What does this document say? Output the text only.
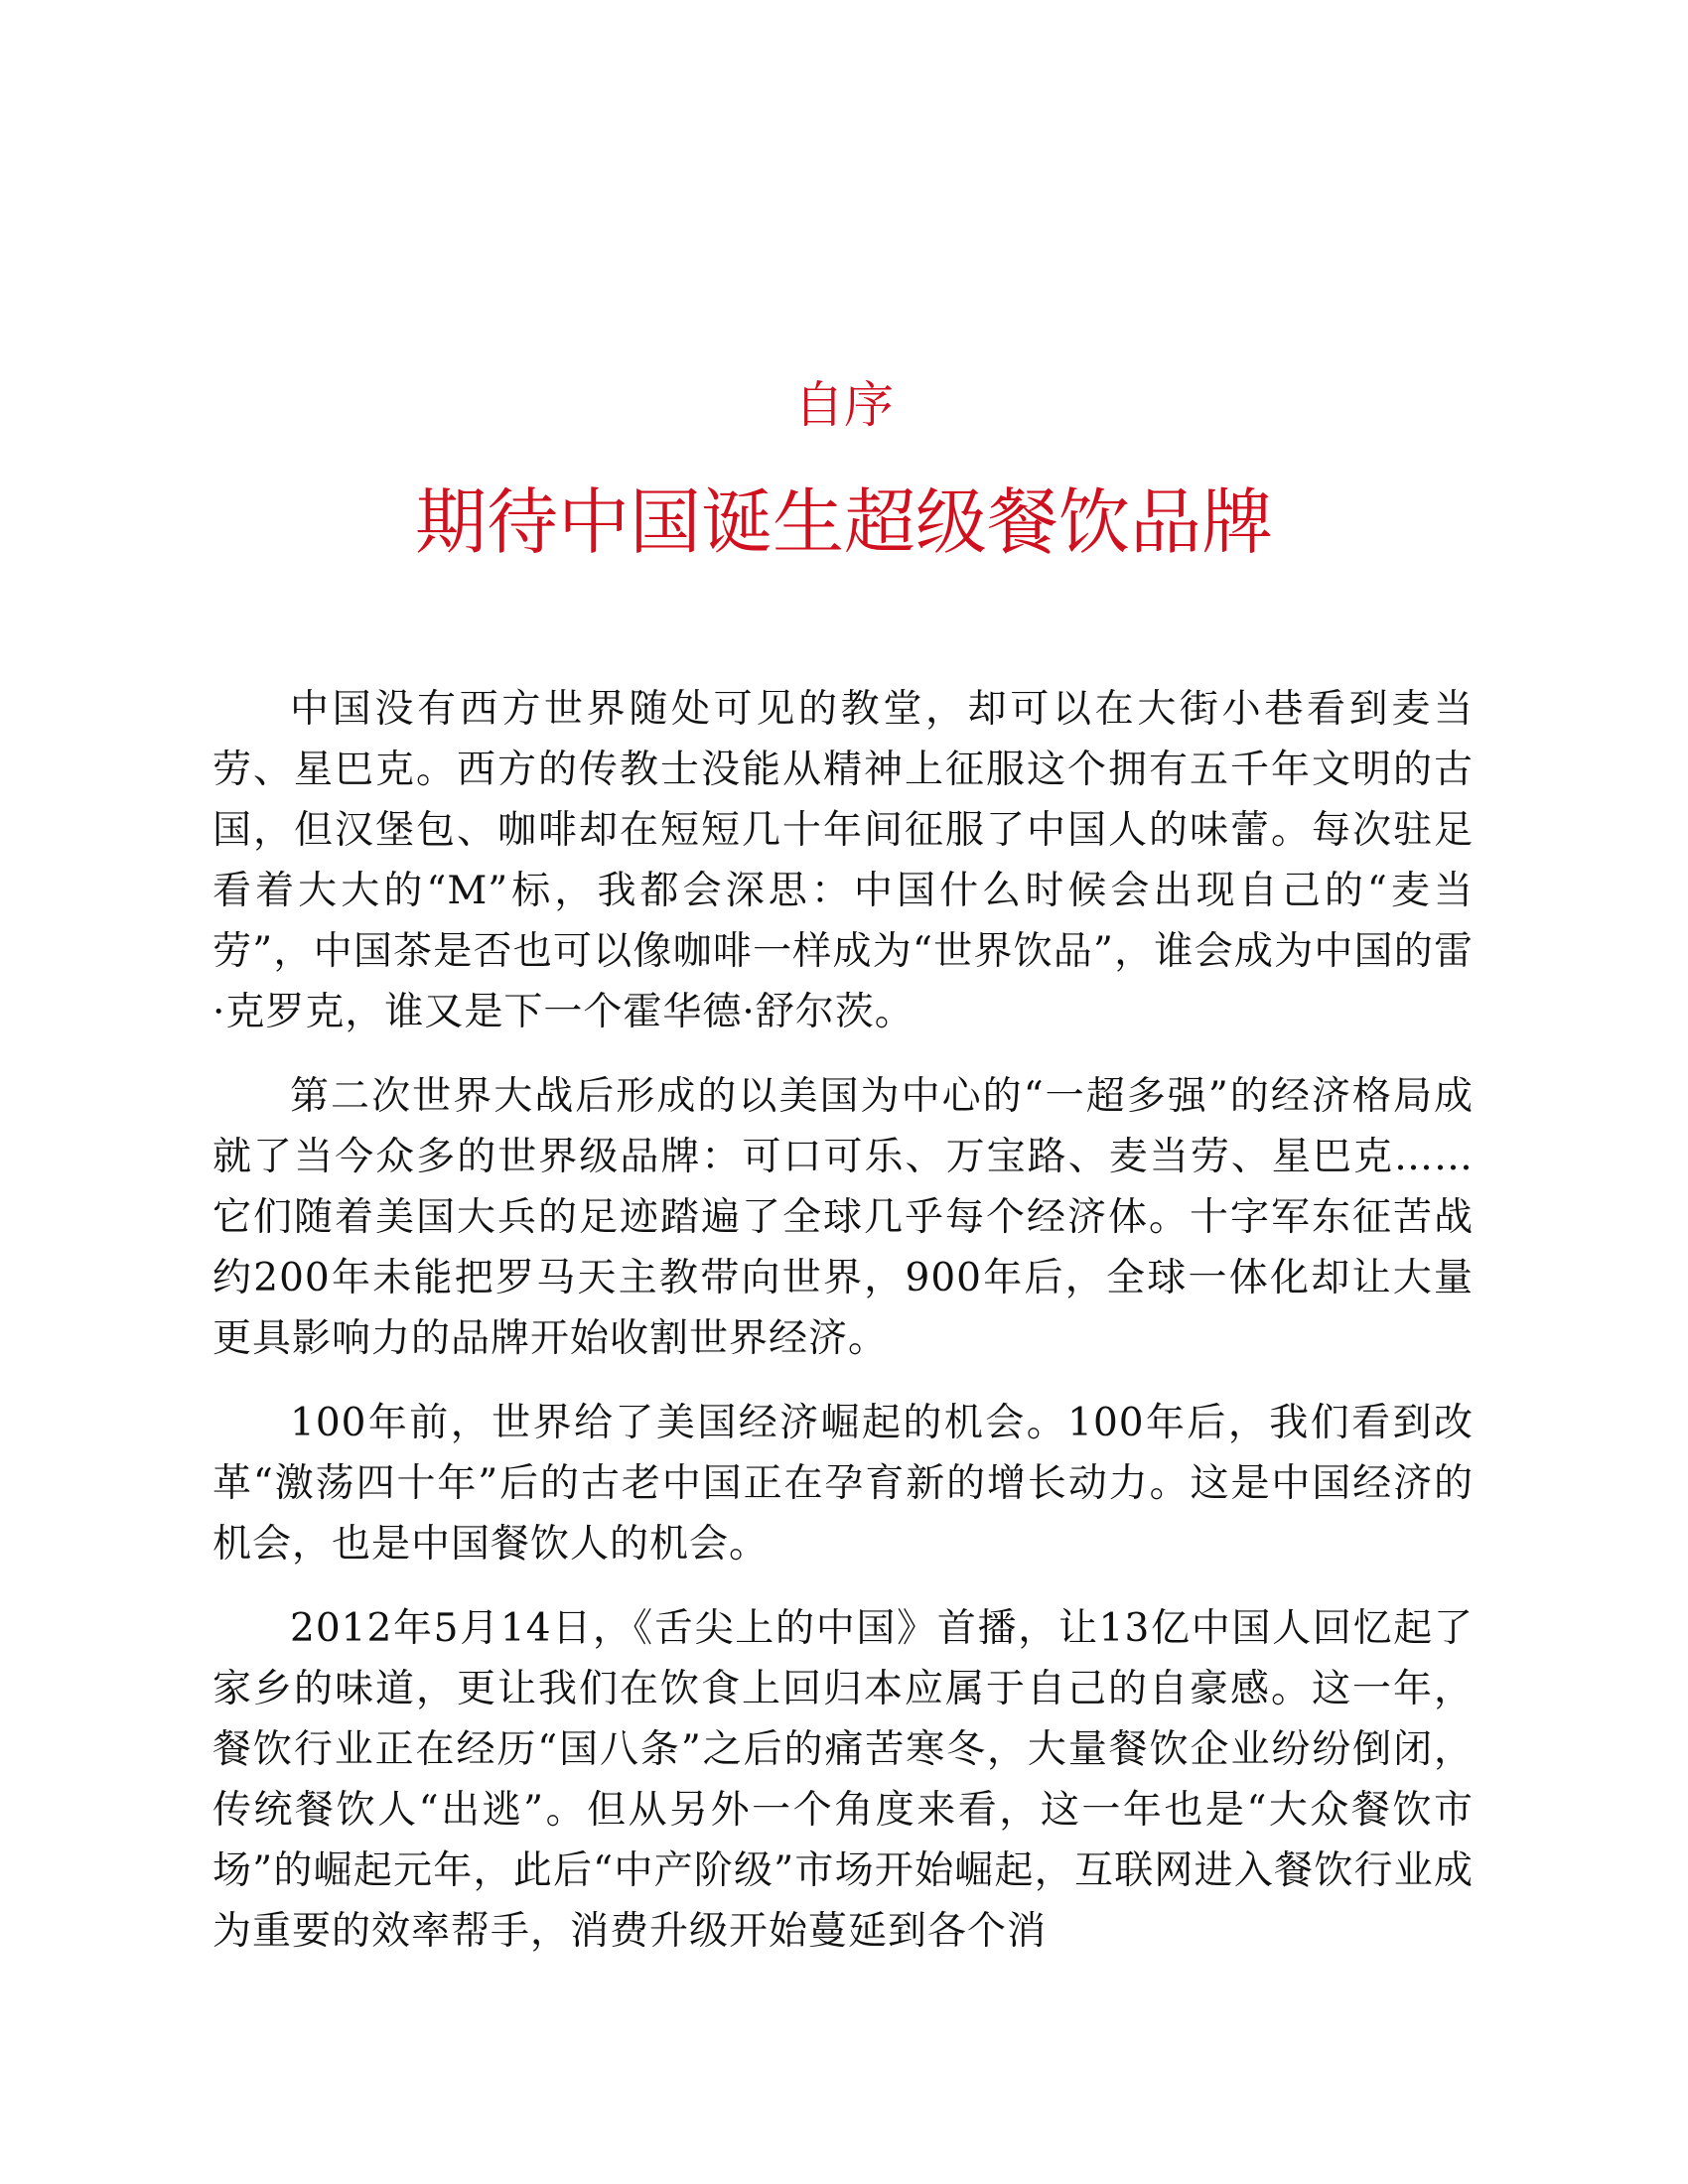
自序
期待中国诞生超级餐饮品牌

中国没有西方世界随处可见的教堂，却可以在大街小巷看到麦当劳、星巴克。西方的传教士没能从精神上征服这个拥有五千年文明的古国，但汉堡包、咖啡却在短短几十年间征服了中国人的味蕾。每次驻足看着大大的“M”标，我都会深思：中国什么时候会出现自己的“麦当劳”，中国茶是否也可以像咖啡一样成为“世界饮品”，谁会成为中国的雷·克罗克，谁又是下一个霍华德·舒尔茨。

第二次世界大战后形成的以美国为中心的“一超多强”的经济格局成就了当今众多的世界级品牌：可口可乐、万宝路、麦当劳、星巴克……它们随着美国大兵的足迹踏遍了全球几乎每个经济体。十字军东征苦战约200年未能把罗马天主教带向世界，900年后，全球一体化却让大量更具影响力的品牌开始收割世界经济。

100年前，世界给了美国经济崛起的机会。100年后，我们看到改革“激荡四十年”后的古老中国正在孕育新的增长动力。这是中国经济的机会，也是中国餐饮人的机会。

2012年5月14日，《舌尖上的中国》首播，让13亿中国人回忆起了家乡的味道，更让我们在饮食上回归本应属于自己的自豪感。这一年，餐饮行业正在经历“国八条”之后的痛苦寒冬，大量餐饮企业纷纷倒闭，传统餐饮人“出逃”。但从另外一个角度来看，这一年也是“大众餐饮市场”的崛起元年，此后“中产阶级”市场开始崛起，互联网进入餐饮行业成为重要的效率帮手，消费升级开始蔓延到各个消
